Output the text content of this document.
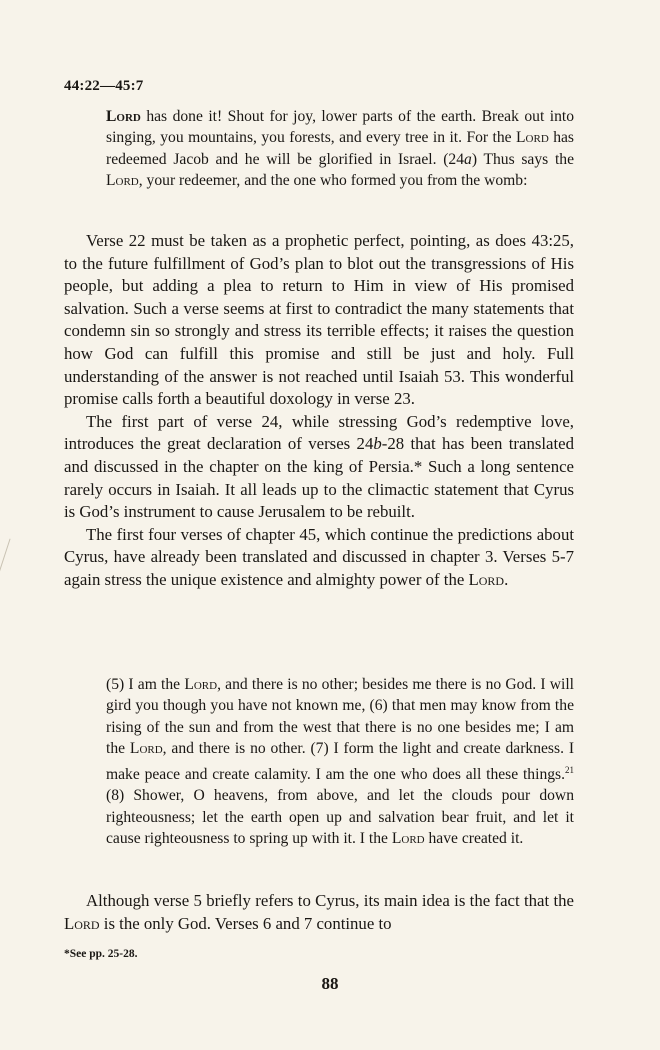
44:22—45:7

Lord has done it! Shout for joy, lower parts of the earth. Break out into singing, you mountains, you forests, and every tree in it. For the Lord has redeemed Jacob and he will be glorified in Israel. (24a) Thus says the Lord, your redeemer, and the one who formed you from the womb:

Verse 22 must be taken as a prophetic perfect, pointing, as does 43:25, to the future fulfillment of God’s plan to blot out the transgressions of His people, but adding a plea to return to Him in view of His promised salvation. Such a verse seems at first to contradict the many statements that condemn sin so strongly and stress its terrible effects; it raises the question how God can fulfill this promise and still be just and holy. Full understanding of the answer is not reached until Isaiah 53. This wonderful promise calls forth a beautiful doxology in verse 23.

The first part of verse 24, while stressing God’s redemptive love, introduces the great declaration of verses 24b-28 that has been translated and discussed in the chapter on the king of Persia.* Such a long sentence rarely occurs in Isaiah. It all leads up to the climactic statement that Cyrus is God’s instrument to cause Jerusalem to be rebuilt.

The first four verses of chapter 45, which continue the predictions about Cyrus, have already been translated and discussed in chapter 3. Verses 5-7 again stress the unique existence and almighty power of the Lord.

(5) I am the Lord, and there is no other; besides me there is no God. I will gird you though you have not known me, (6) that men may know from the rising of the sun and from the west that there is no one besides me; I am the Lord, and there is no other. (7) I form the light and create darkness. I make peace and create calamity. I am the one who does all these things.$^{21}$ (8) Shower, O heavens, from above, and let the clouds pour down righteousness; let the earth open up and salvation bear fruit, and let it cause righteousness to spring up with it. I the Lord have created it.

Although verse 5 briefly refers to Cyrus, its main idea is the fact that the Lord is the only God. Verses 6 and 7 continue to

*See pp. 25-28.
88
